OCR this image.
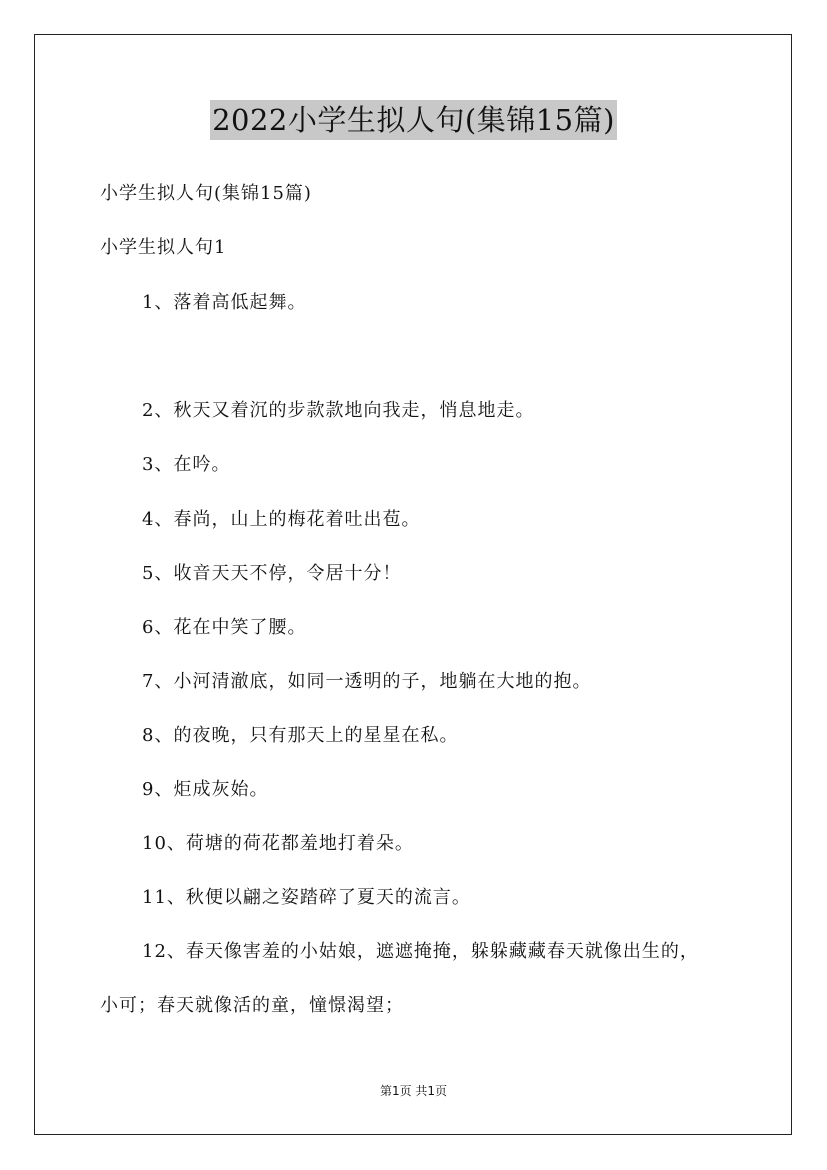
2022小学生拟人句(集锦15篇)
小学生拟人句(集锦15篇)
小学生拟人句1
1、落着高低起舞。
2、秋天又着沉的步款款地向我走，悄息地走。
3、在吟。
4、春尚，山上的梅花着吐出苞。
5、收音天天不停，令居十分！
6、花在中笑了腰。
7、小河清澈底，如同一透明的子，地躺在大地的抱。
8、的夜晚，只有那天上的星星在私。
9、炬成灰始。
10、荷塘的荷花都羞地打着朵。
11、秋便以翩之姿踏碎了夏天的流言。
12、春天像害羞的小姑娘，遮遮掩掩，躲躲藏藏春天就像出生的，
小可；春天就像活的童，憧憬渴望；
第1页 共1页
